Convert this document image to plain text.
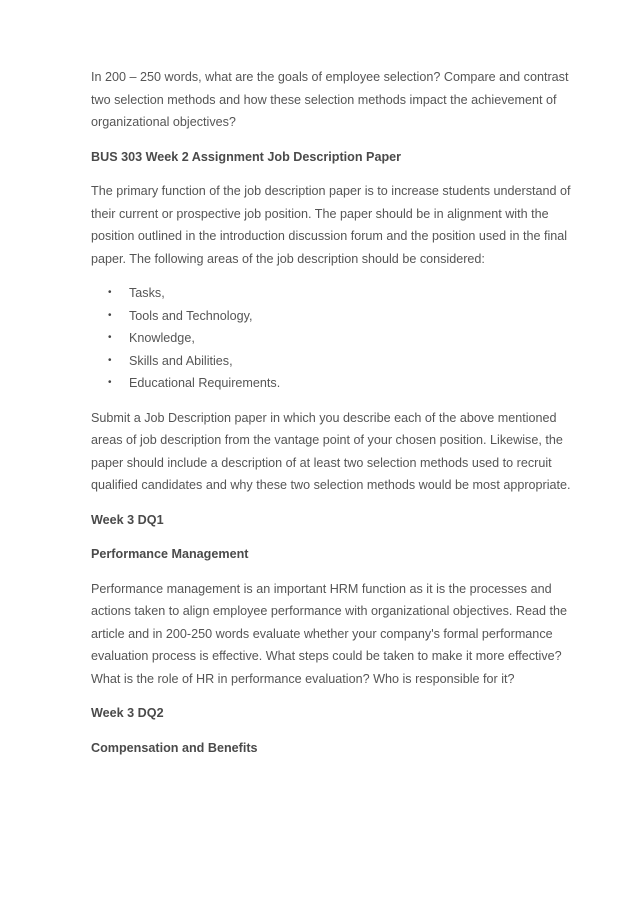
In 200 – 250 words, what are the goals of employee selection? Compare and contrast
two selection methods and how these selection methods impact the achievement of
organizational objectives?

BUS 303 Week 2 Assignment Job Description Paper

The primary function of the job description paper is to increase students understand of
their current or prospective job position. The paper should be in alignment with the
position outlined in the introduction discussion forum and the position used in the final
paper. The following areas of the job description should be considered:

• Tasks,
• Tools and Technology,
• Knowledge,
• Skills and Abilities,
• Educational Requirements.

Submit a Job Description paper in which you describe each of the above mentioned
areas of job description from the vantage point of your chosen position. Likewise, the
paper should include a description of at least two selection methods used to recruit
qualified candidates and why these two selection methods would be most appropriate.

Week 3 DQ1

Performance Management

Performance management is an important HRM function as it is the processes and
actions taken to align employee performance with organizational objectives. Read the
article and in 200-250 words evaluate whether your company's formal performance
evaluation process is effective. What steps could be taken to make it more effective?
What is the role of HR in performance evaluation? Who is responsible for it?

Week 3 DQ2

Compensation and Benefits
